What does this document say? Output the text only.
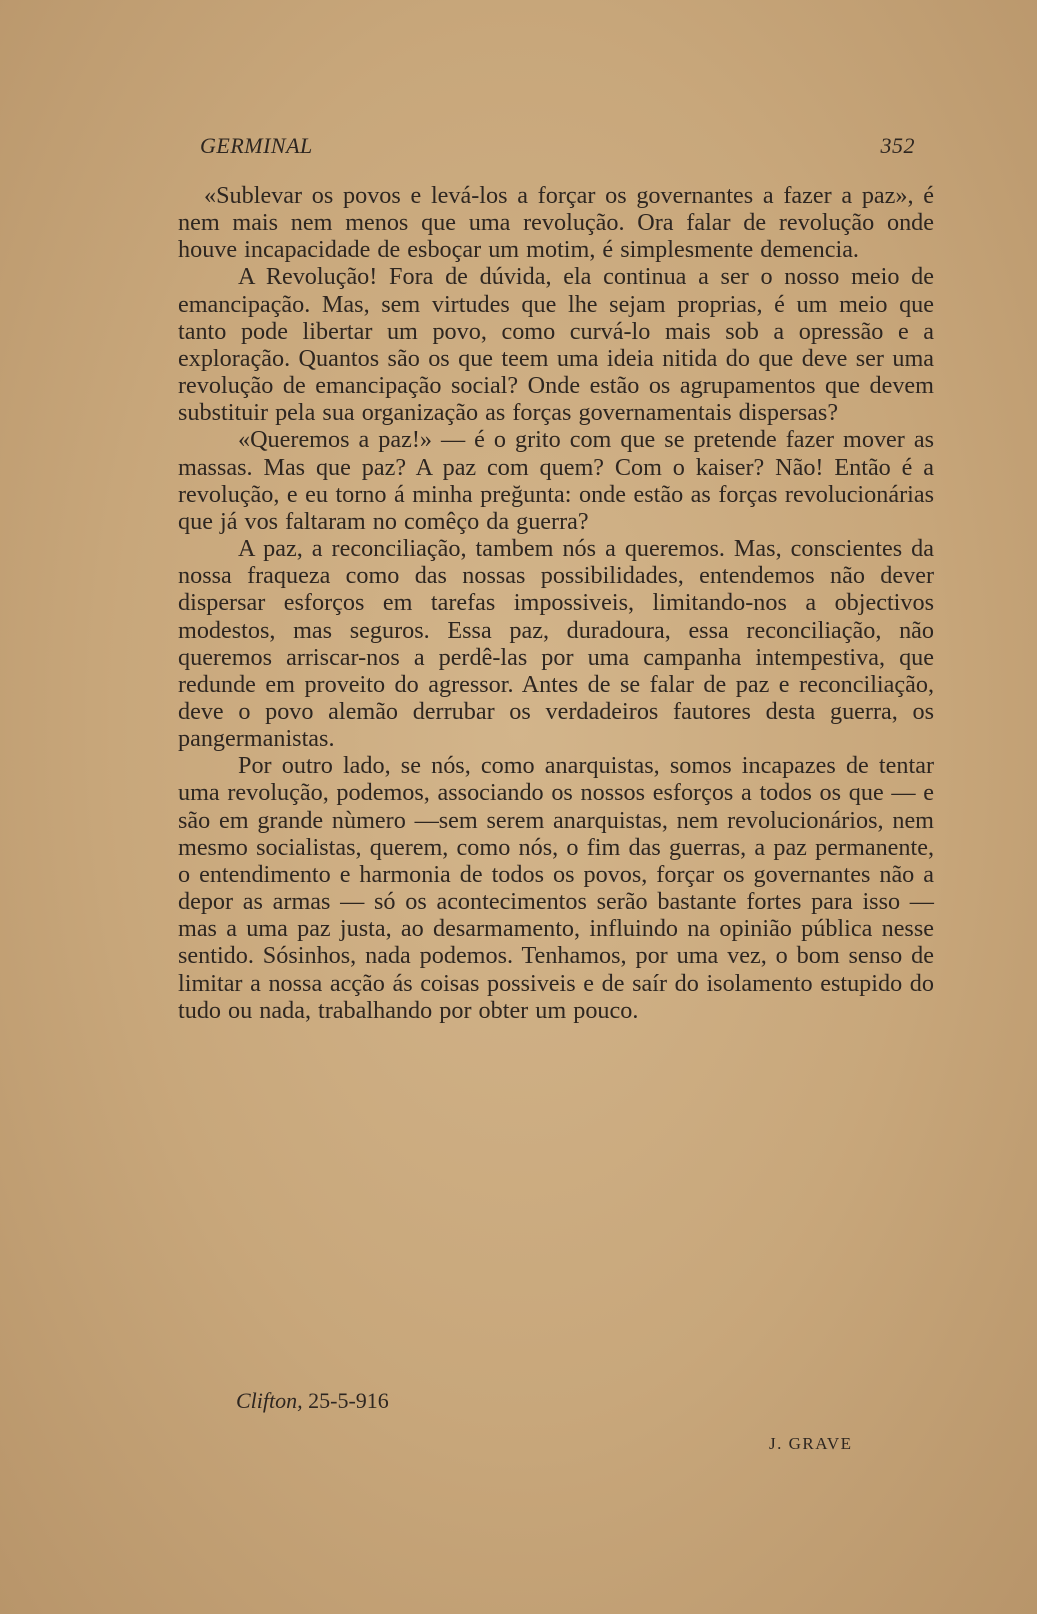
GERMINAL	352

«Sublevar os povos e levá-los a forçar os governantes a fazer a paz», é nem mais nem menos que uma revolução. Ora falar de revolução onde houve incapacidade de esboçar um motim, é simplesmente demencia.

A Revolução! Fora de dúvida, ela continua a ser o nosso meio de emancipação. Mas, sem virtudes que lhe sejam proprias, é um meio que tanto pode libertar um povo, como curvá-lo mais sob a opressão e a exploração. Quantos são os que teem uma ideia nitida do que deve ser uma revolução de emancipação social? Onde estão os agrupamentos que devem substituir pela sua organização as forças governamentais dispersas?

«Queremos a paz!» — é o grito com que se pretende fazer mover as massas. Mas que paz? A paz com quem? Com o kaiser? Não! Então é a revolução, e eu torno á minha preğunta: onde estão as forças revolucionárias que já vos faltaram no comêço da guerra?

A paz, a reconciliação, tambem nós a queremos. Mas, conscientes da nossa fraqueza como das nossas possibilidades, entendemos não dever dispersar esforços em tarefas impossiveis, limitando-nos a objectivos modestos, mas seguros. Essa paz, duradoura, essa reconciliação, não queremos arriscar-nos a perdê-las por uma campanha intempestiva, que redunde em proveito do agressor. Antes de se falar de paz e reconciliação, deve o povo alemão derrubar os verdadeiros fautores desta guerra, os pangermanistas.

Por outro lado, se nós, como anarquistas, somos incapazes de tentar uma revolução, podemos, associando os nossos esforços a todos os que — e são em grande nùmero —sem serem anarquistas, nem revolucionários, nem mesmo socialistas, querem, como nós, o fim das guerras, a paz permanente, o entendimento e harmonia de todos os povos, forçar os governantes não a depor as armas — só os acontecimentos serão bastante fortes para isso — mas a uma paz justa, ao desarmamento, influindo na opinião pública nesse sentido. Sósinhos, nada podemos. Tenhamos, por uma vez, o bom senso de limitar a nossa acção ás coisas possiveis e de saír do isolamento estupido do tudo ou nada, trabalhando por obter um pouco.

Clifton, 25-5-916
J. GRAVE
